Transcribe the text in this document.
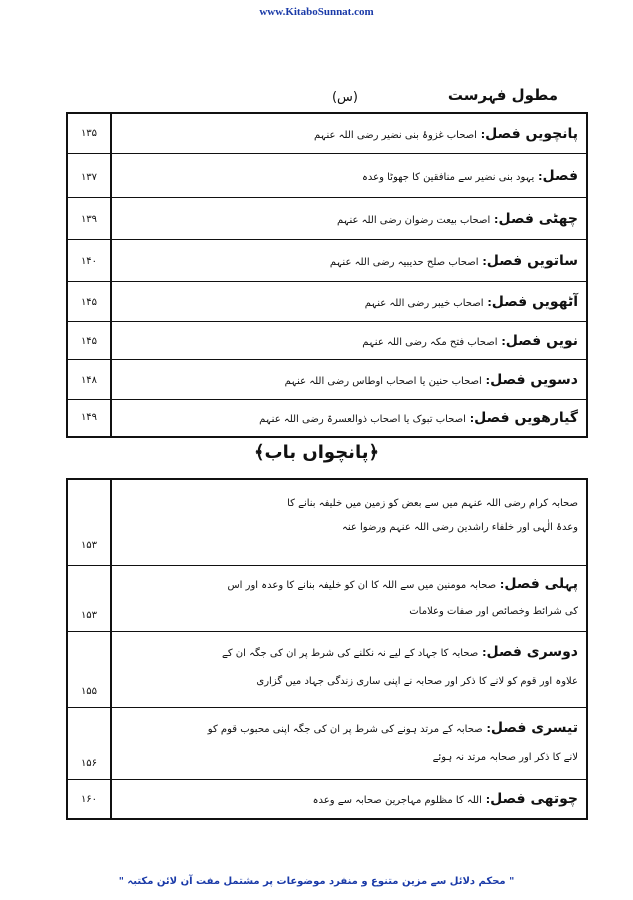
www.KitaboSunnat.com
مطول فہرست
(س)
پانچویں فصل: اصحاب غزوۂ بنی نضیر رضی اللہ عنہم
۱۳۵
فصل: یہود بنی نضیر سے منافقین کا جھوٹا وعدہ
۱۳۷
چھٹی فصل: اصحاب بیعت رضوان رضی اللہ عنہم
۱۳۹
ساتویں فصل: اصحاب صلح حدیبیہ رضی اللہ عنہم
۱۴۰
آٹھویں فصل: اصحاب خیبر رضی اللہ عنہم
۱۴۵
نویں فصل: اصحاب فتح مکہ رضی اللہ عنہم
۱۴۵
دسویں فصل: اصحاب حنین یا اصحاب اوطاس رضی اللہ عنہم
۱۴۸
گیارھویں فصل: اصحاب تبوک یا اصحاب ذوالعسرۃ رضی اللہ عنہم
۱۴۹
﴿پانچواں باب﴾
صحابہ کرام رضی اللہ عنہم میں سے بعض کو زمین میں خلیفہ بنانے کا
وعدۂ الٰہی اور خلفاء راشدین رضی اللہ عنہم ورضوا عنہ
۱۵۳
پہلی فصل: صحابہ مومنین میں سے اللہ کا ان کو خلیفہ بنانے کا وعدہ اور اس
کی شرائط وخصائص اور صفات وعلامات
۱۵۳
دوسری فصل: صحابہ کا جہاد کے لیے نہ نکلنے کی شرط پر ان کی جگہ ان کے
علاوہ اور قوم کو لانے کا ذکر اور صحابہ نے اپنی ساری زندگی جہاد میں گزاری
۱۵۵
تیسری فصل: صحابہ کے مرتد ہونے کی شرط پر ان کی جگہ اپنی محبوب قوم کو
لانے کا ذکر اور صحابہ مرتد نہ ہوئے
۱۵۶
چوتھی فصل: اللہ کا مظلوم مہاجرین صحابہ سے وعدہ
۱۶۰
" محکم دلائل سے مزین متنوع و منفرد موضوعات پر مشتمل مفت آن لائن مکتبہ "
